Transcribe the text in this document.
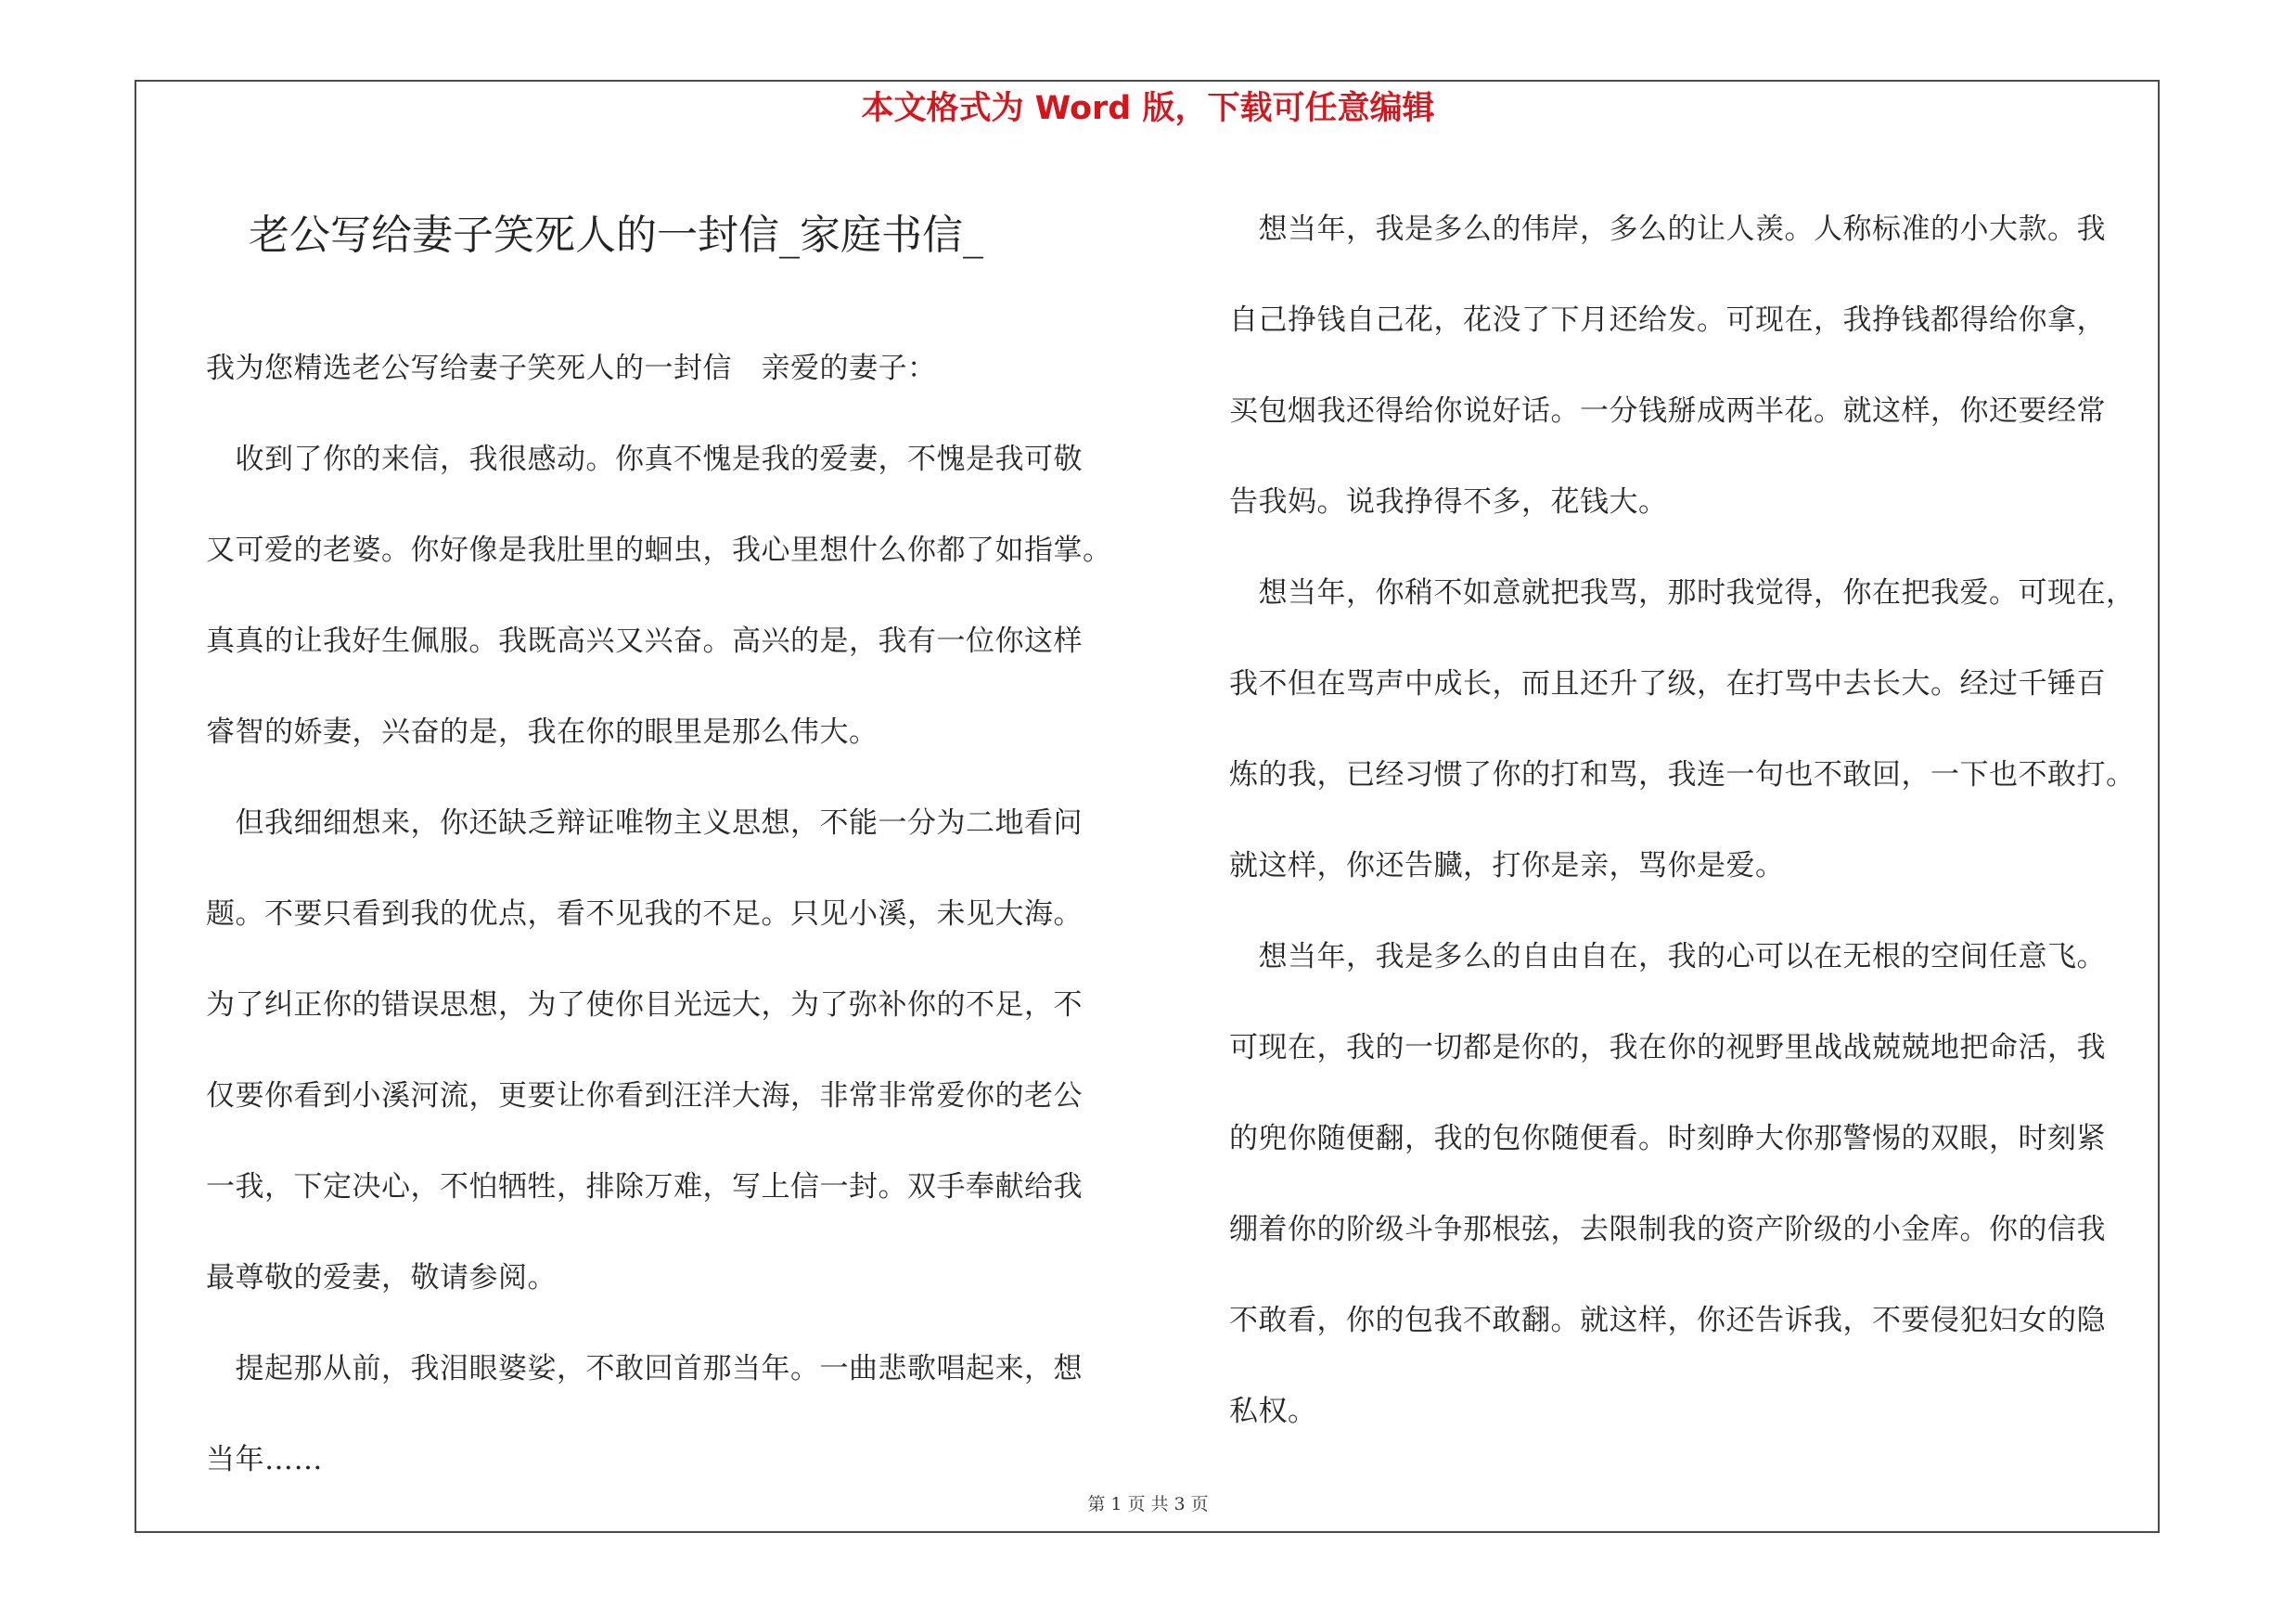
本文格式为 Word 版，下载可任意编辑
老公写给妻子笑死人的一封信_家庭书信_
我为您精选老公写给妻子笑死人的一封信　亲爱的妻子：
　收到了你的来信，我很感动。你真不愧是我的爱妻，不愧是我可敬
又可爱的老婆。你好像是我肚里的蛔虫，我心里想什么你都了如指掌。
真真的让我好生佩服。我既高兴又兴奋。高兴的是，我有一位你这样
睿智的娇妻，兴奋的是，我在你的眼里是那么伟大。
　但我细细想来，你还缺乏辩证唯物主义思想，不能一分为二地看问
题。不要只看到我的优点，看不见我的不足。只见小溪，未见大海。
为了纠正你的错误思想，为了使你目光远大，为了弥补你的不足，不
仅要你看到小溪河流，更要让你看到汪洋大海，非常非常爱你的老公
一我，下定决心，不怕牺牲，排除万难，写上信一封。双手奉献给我
最尊敬的爱妻，敬请参阅。
　提起那从前，我泪眼婆娑，不敢回首那当年。一曲悲歌唱起来，想
当年……
　想当年，我是多么的伟岸，多么的让人羡。人称标准的小大款。我
自己挣钱自己花，花没了下月还给发。可现在，我挣钱都得给你拿，
买包烟我还得给你说好话。一分钱掰成两半花。就这样，你还要经常
告我妈。说我挣得不多，花钱大。
　想当年，你稍不如意就把我骂，那时我觉得，你在把我爱。可现在，
我不但在骂声中成长，而且还升了级，在打骂中去长大。经过千锤百
炼的我，已经习惯了你的打和骂，我连一句也不敢回，一下也不敢打。
就这样，你还告臓，打你是亲，骂你是爱。
　想当年，我是多么的自由自在，我的心可以在无根的空间任意飞。
可现在，我的一切都是你的，我在你的视野里战战兢兢地把命活，我
的兜你随便翻，我的包你随便看。时刻睁大你那警惕的双眼，时刻紧
绷着你的阶级斗争那根弦，去限制我的资产阶级的小金库。你的信我
不敢看，你的包我不敢翻。就这样，你还告诉我，不要侵犯妇女的隐
私权。
第 1 页 共 3 页
